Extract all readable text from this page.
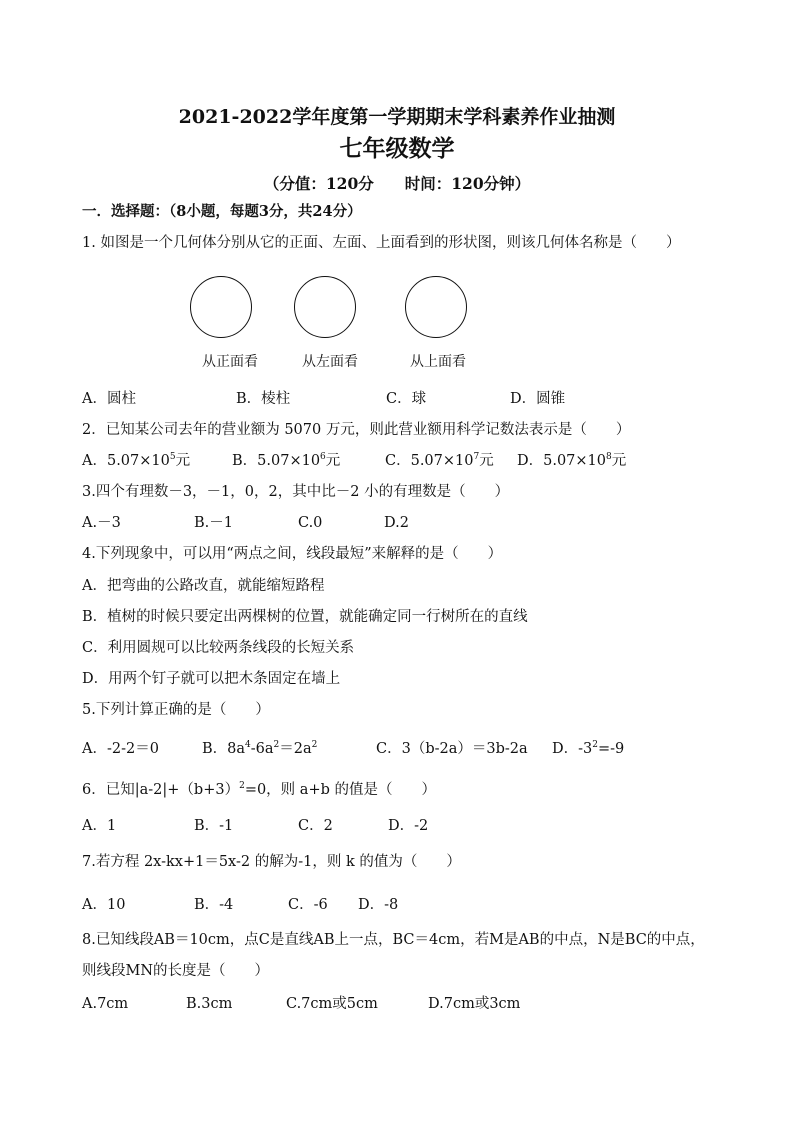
2021-2022学年度第一学期期末学科素养作业抽测
七年级数学
（分值：120分　　时间：120分钟）
一．选择题：（8小题，每题3分，共24分）
1. 如图是一个几何体分别从它的正面、左面、上面看到的形状图，则该几何体名称是（　　）
从正面看	从左面看	从上面看
A．圆柱	B．棱柱	C．球	D．圆锥
2．已知某公司去年的营业额为 5070 万元，则此营业额用科学记数法表示是（　　）
A．$5.07\times 10^5$元	B．$5.07\times 10^6$元	C．$5.07\times 10^7$元 D．$5.07\times 10^8$元
3.四个有理数－3，－1，0，2，其中比－2 小的有理数是（　　）
A.－3	B.－1	C.0	D.2
4.下列现象中，可以用“两点之间，线段最短”来解释的是（　　）
A．把弯曲的公路改直，就能缩短路程
B．植树的时候只要定出两棵树的位置，就能确定同一行树所在的直线
C．利用圆规可以比较两条线段的长短关系
D．用两个钉子就可以把木条固定在墙上
5.下列计算正确的是（　　）
A．-2-2＝0	B．$8a^4-6a^2=2a^2$	C．3（b-2a）＝3b-2a D．$-3^2=-9$
6．已知$|a-2|+(b+3)^2=0$，则 a+b 的值是（　　）
A．1	B．-1	C．2	D．-2
7.若方程 2x-kx+1＝5x-2 的解为-1，则 k 的值为（　　）
A．10	B．-4	C．-6 D．-8
8.已知线段AB＝10cm，点C是直线AB上一点，BC＝4cm，若M是AB的中点，N是BC的中点，
则线段MN的长度是（　　）
A.7cm	B.3cm	C.7cm或5cm	D.7cm或3cm
